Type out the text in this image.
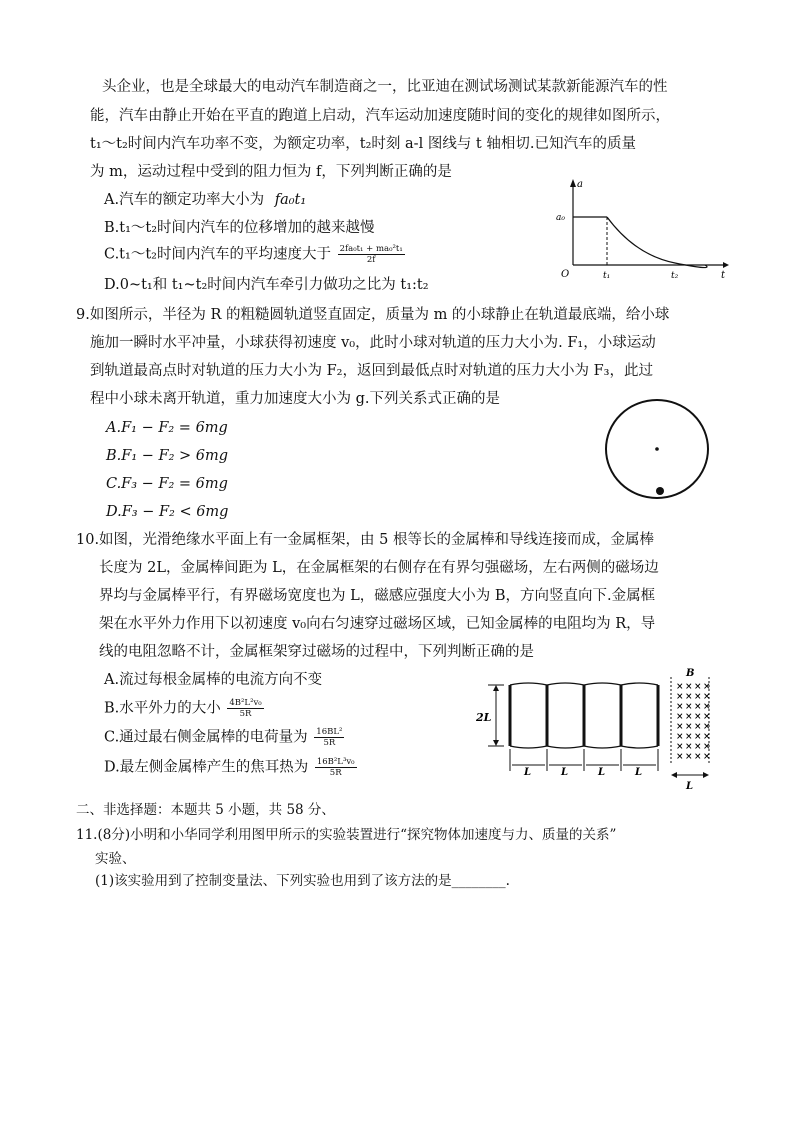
头企业，也是全球最大的电动汽车制造商之一，比亚迪在测试场测试某款新能源汽车的性
能，汽车由静止开始在平直的跑道上启动，汽车运动加速度随时间的变化的规律如图所示，
t₁～t₂时间内汽车功率不变，为额定功率，t₂时刻 a-l 图线与 t 轴相切.已知汽车的质量
为 m，运动过程中受到的阻力恒为 f，下列判断正确的是
A.汽车的额定功率大小为 fa₀t₁
B.t₁～t₂时间内汽车的位移增加的越来越慢
C.t₁～t₂时间内汽车的平均速度大于 $\frac{\text{2fa₀t₁ + ma₀²t₁}}{2f}$
D.0~t₁和 t₁~t₂时间内汽车牵引力做功之比为 t₁:t₂
a
t
a₀
O	t₁	t₂
9.如图所示，半径为 R 的粗糙圆轨道竖直固定，质量为 m 的小球静止在轨道最底端，给小球
施加一瞬时水平冲量，小球获得初速度 v₀，此时小球对轨道的压力大小为. F₁，小球运动
到轨道最高点时对轨道的压力大小为 F₂，返回到最低点时对轨道的压力大小为 F₃，此过
程中小球未离开轨道，重力加速度大小为 g.下列关系式正确的是
A.F₁ − F₂ = 6mg
B.F₁ − F₂ > 6mg
C.F₃ − F₂ = 6mg
D.F₃ − F₂ < 6mg
10.如图，光滑绝缘水平面上有一金属框架，由 5 根等长的金属棒和导线连接而成，金属棒
长度为 2L，金属棒间距为 L，在金属框架的右侧存在有界匀强磁场，左右两侧的磁场边
界均与金属棒平行，有界磁场宽度也为 L，磁感应强度大小为 B，方向竖直向下.金属框
架在水平外力作用下以初速度 v₀向右匀速穿过磁场区域，已知金属棒的电阻均为 R，导
线的电阻忽略不计，金属框架穿过磁场的过程中，下列判断正确的是
A.流过每根金属棒的电流方向不变
B.水平外力的大小 $\frac{\text{4B²L²v₀}}{5R}$
C.通过最右侧金属棒的电荷量为 $\frac{\text{16BL²}}{5R}$
D.最左侧金属棒产生的焦耳热为 $\frac{\text{16B²L³v₀}}{5R}$
2L
L	L	L	L
B
× × × ×
× × × ×
× × × ×
× × × ×
× × × ×
× × × ×
× × × ×
× × × ×
L
二、非选择题：本题共 5 小题，共 58 分、
11.(8分)小明和小华同学利用图甲所示的实验装置进行“探究物体加速度与力、质量的关系”
实验、
(1)该实验用到了控制变量法、下列实验也用到了该方法的是________.
